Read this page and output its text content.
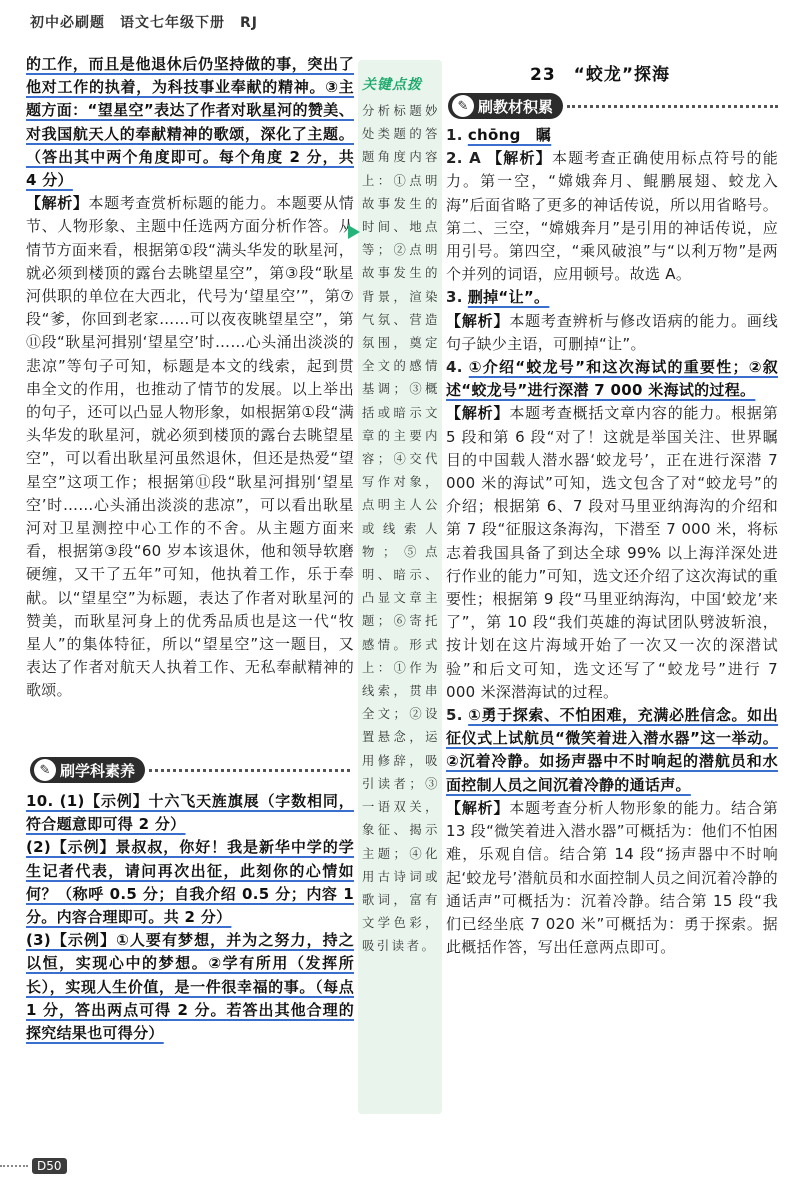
初中必刷题　语文七年级下册　RJ

的工作，而且是他退休后仍坚持做的事，突出了他对工作的执着，为科技事业奉献的精神。③主题方面：“望星空”表达了作者对耿星河的赞美、对我国航天人的奉献精神的歌颂，深化了主题。（答出其中两个角度即可。每个角度 2 分，共 4 分）

【解析】本题考查赏析标题的能力。本题要从情节、人物形象、主题中任选两方面分析作答。从情节方面来看，根据第①段“满头华发的耿星河，就必须到楼顶的露台去眺望星空”，第③段“耿星河供职的单位在大西北，代号为‘望星空’”，第⑦段“爹，你回到老家……可以夜夜眺望星空”，第⑪段“耿星河揖别‘望星空’时……心头涌出淡淡的悲凉”等句子可知，标题是本文的线索，起到贯串全文的作用，也推动了情节的发展。以上举出的句子，还可以凸显人物形象，如根据第①段“满头华发的耿星河，就必须到楼顶的露台去眺望星空”，可以看出耿星河虽然退休，但还是热爱“望星空”这项工作；根据第⑪段“耿星河揖别‘望星空’时……心头涌出淡淡的悲凉”，可以看出耿星河对卫星测控中心工作的不舍。从主题方面来看，根据第③段“60 岁本该退休，他和领导软磨硬缠，又干了五年”可知，他执着工作，乐于奉献。以“望星空”为标题，表达了作者对耿星河的赞美，而耿星河身上的优秀品质也是这一代“牧星人”的集体特征，所以“望星空”这一题目，又表达了作者对航天人执着工作、无私奉献精神的歌颂。

✎ 刷学科素养

10. (1)【示例】十六飞天旌旗展（字数相同，符合题意即可得 2 分）

(2)【示例】景叔叔，你好！我是新华中学的学生记者代表，请问再次出征，此刻你的心情如何？（称呼 0.5 分；自我介绍 0.5 分；内容 1 分。内容合理即可。共 2 分）

(3)【示例】①人要有梦想，并为之努力，持之以恒，实现心中的梦想。②学有所用（发挥所长），实现人生价值，是一件很幸福的事。（每点 1 分，答出两点可得 2 分。若答出其他合理的探究结果也可得分）

关键点拨
分析标题妙处类题的答题角度内容上：①点明故事发生的时间、地点等；②点明故事发生的背景，渲染气氛、营造氛围，奠定全文的感情基调；③概括或暗示文章的主要内容；④交代写作对象，点明主人公或线索人物；⑤点明、暗示、凸显文章主题；⑥寄托感情。形式上：①作为线索，贯串全文；②设置悬念，运用修辞，吸引读者；③一语双关，象征、揭示主题；④化用古诗词或歌词，富有文学色彩，吸引读者。
23　“蛟龙”探海
✎ 刷教材积累

1. chōng　瞩

2. A 【解析】本题考查正确使用标点符号的能力。第一空，“嫦娥奔月、鲲鹏展翅、蛟龙入海”后面省略了更多的神话传说，所以用省略号。第二、三空，“嫦娥奔月”是引用的神话传说，应用引号。第四空，“乘风破浪”与“以利万物”是两个并列的词语，应用顿号。故选 A。

3. 删掉“让”。

【解析】本题考查辨析与修改语病的能力。画线句子缺少主语，可删掉“让”。

4. ①介绍“蛟龙号”和这次海试的重要性；②叙述“蛟龙号”进行深潜 7 000 米海试的过程。

【解析】本题考查概括文章内容的能力。根据第 5 段和第 6 段“对了！这就是举国关注、世界瞩目的中国载人潜水器‘蛟龙号’，正在进行深潜 7 000 米的海试”可知，选文包含了对“蛟龙号”的介绍；根据第 6、7 段对马里亚纳海沟的介绍和第 7 段“征服这条海沟，下潜至 7 000 米，将标志着我国具备了到达全球 99% 以上海洋深处进行作业的能力”可知，选文还介绍了这次海试的重要性；根据第 9 段“马里亚纳海沟，中国‘蛟龙’来了”，第 10 段“我们英雄的海试团队劈波斩浪，按计划在这片海域开始了一次又一次的深潜试验”和后文可知，选文还写了“蛟龙号”进行 7 000 米深潜海试的过程。

5. ①勇于探索、不怕困难，充满必胜信念。如出征仪式上试航员“微笑着进入潜水器”这一举动。②沉着冷静。如扬声器中不时响起的潜航员和水面控制人员之间沉着冷静的通话声。

【解析】本题考查分析人物形象的能力。结合第 13 段“微笑着进入潜水器”可概括为：他们不怕困难，乐观自信。结合第 14 段“扬声器中不时响起‘蛟龙号’潜航员和水面控制人员之间沉着冷静的通话声”可概括为：沉着冷静。结合第 15 段“我们已经坐底 7 020 米”可概括为：勇于探索。据此概括作答，写出任意两点即可。

D50
